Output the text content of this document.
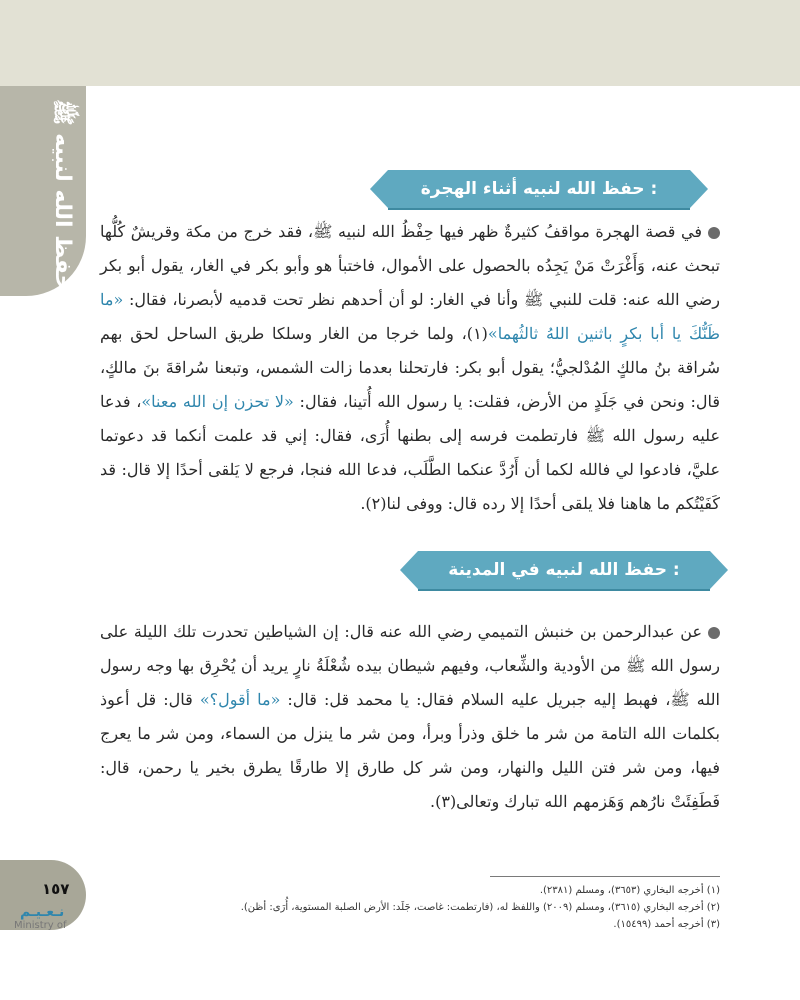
حفظ الله لنبيه ﷺ	حفظ الله لنبيه أثناء الهجرة :
في قصة الهجرة مواقفُ كثيرةٌ ظهر فيها حِفْظُ الله لنبيه ﷺ، فقد خرج من مكة وقريشٌ كُلُّها تبحث عنه، وَأَغْرَتْ مَنْ يَجِدُه بالحصول على الأموال، فاختبأ هو وأبو بكر في الغار، يقول أبو بكر رضي الله عنه: قلت للنبي ﷺ وأنا في الغار: لو أن أحدهم نظر تحت قدميه لأبصرنا، فقال: «ما ظَنُّكَ يا أبا بكرٍ باثنين اللهُ ثالثُهما»(١)، ولما خرجا من الغار وسلكا طريق الساحل لحق بهم سُراقة بنُ مالكٍ المُدْلجيُّ؛ يقول أبو بكر: فارتحلنا بعدما زالت الشمس، وتبعنا سُراقةَ بنَ مالكٍ، قال: ونحن في جَلَدٍ من الأرض، فقلت: يا رسول الله أُتينا، فقال: «لا تحزن إن الله معنا»، فدعا عليه رسول الله ﷺ فارتطمت فرسه إلى بطنها أُرَى، فقال: إني قد علمت أنكما قد دعوتما عليَّ، فادعوا لي فالله لكما أن أَرُدَّ عنكما الطَّلَب، فدعا الله فنجا، فرجع لا يَلقى أحدًا إلا قال: قد كَفَيْتُكم ما هاهنا فلا يلقى أحدًا إلا رده قال: ووفى لنا(٢).
حفظ الله لنبيه في المدينة :
عن عبدالرحمن بن خنبش التميمي رضي الله عنه قال: إن الشياطين تحدرت تلك الليلة على رسول الله ﷺ من الأودية والشِّعاب، وفيهم شيطان بيده شُعْلَةُ نارٍ يريد أن يُحْرِق بها وجه رسول الله ﷺ، فهبط إليه جبريل عليه السلام فقال: يا محمد قل: قال: «ما أقول؟» قال: قل أعوذ بكلمات الله التامة من شر ما خلق وذرأ وبرأ، ومن شر ما ينزل من السماء، ومن شر ما يعرج فيها، ومن شر فتن الليل والنهار، ومن شر كل طارق إلا طارقًا يطرق بخير يا رحمن، قال: فَطَفِئَتْ نارُهم وَهَزمهم الله تبارك وتعالى(٣).
(١) أخرجه البخاري (٣٦٥٣)، ومسلم (٢٣٨١).
(٢) أخرجه البخاري (٣٦١٥)، ومسلم (٢٠٠٩) واللفظ له، (فارتطمت: غاصت، جَلَد: الأرض الصلبة المستوية، أُرَى: أظن).
(٣) أخرجه أحمد (١٥٤٩٩).
١٥٧
نـعـيـم
Ministry of
